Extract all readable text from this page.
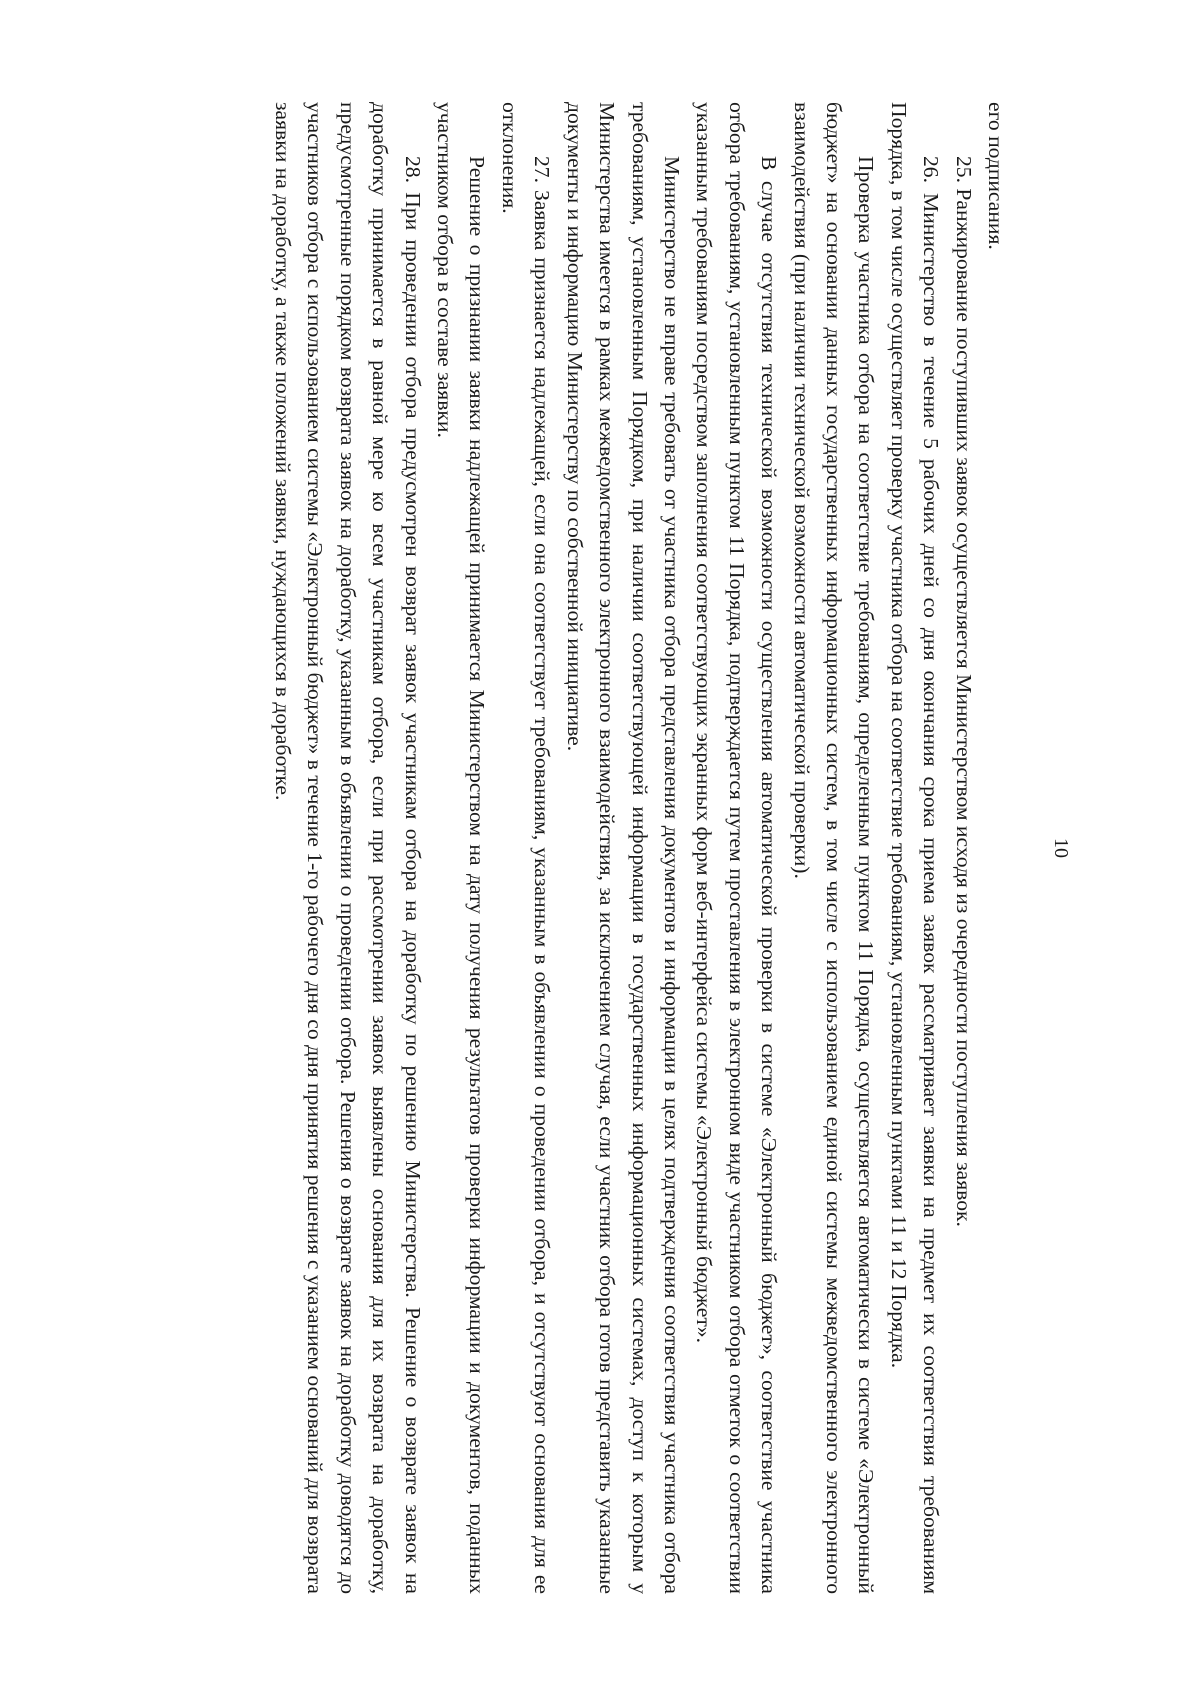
10

его подписания.

25. Ранжирование поступивших заявок осуществляется Министерством исходя из очередности поступления заявок.

26. Министерство в течение 5 рабочих дней со дня окончания срока приема заявок рассматривает заявки на предмет их соответствия требованиям Порядка, в том числе осуществляет проверку участника отбора на соответствие требованиям, установленным пунктами 11 и 12 Порядка.

Проверка участника отбора на соответствие требованиям, определенным пунктом 11 Порядка, осуществляется автоматически в системе «Электронный бюджет» на основании данных государственных информационных систем, в том числе с использованием единой системы межведомственного электронного взаимодействия (при наличии технической возможности автоматической проверки).

В случае отсутствия технической возможности осуществления автоматической проверки в системе «Электронный бюджет», соответствие участника отбора требованиям, установленным пунктом 11 Порядка, подтверждается путем проставления в электронном виде участником отбора отметок о соответствии указанным требованиям посредством заполнения соответствующих экранных форм веб-интерфейса системы «Электронный бюджет».

Министерство не вправе требовать от участника отбора представления документов и информации в целях подтверждения соответствия участника отбора требованиям, установленным Порядком, при наличии соответствующей информации в государственных информационных системах, доступ к которым у Министерства имеется в рамках межведомственного электронного взаимодействия, за исключением случая, если участник отбора готов представить указанные документы и информацию Министерству по собственной инициативе.

27. Заявка признается надлежащей, если она соответствует требованиям, указанным в объявлении о проведении отбора, и отсутствуют основания для ее отклонения.

Решение о признании заявки надлежащей принимается Министерством на дату получения результатов проверки информации и документов, поданных участником отбора в составе заявки.

28. При проведении отбора предусмотрен возврат заявок участникам отбора на доработку по решению Министерства. Решение о возврате заявок на доработку принимается в равной мере ко всем участникам отбора, если при рассмотрении заявок выявлены основания для их возврата на доработку, предусмотренные порядком возврата заявок на доработку, указанным в объявлении о проведении отбора. Решения о возврате заявок на доработку доводятся до участников отбора с использованием системы «Электронный бюджет» в течение 1-го рабочего дня со дня принятия решения с указанием оснований для возврата заявки на доработку, а также положений заявки, нуждающихся в доработке.
